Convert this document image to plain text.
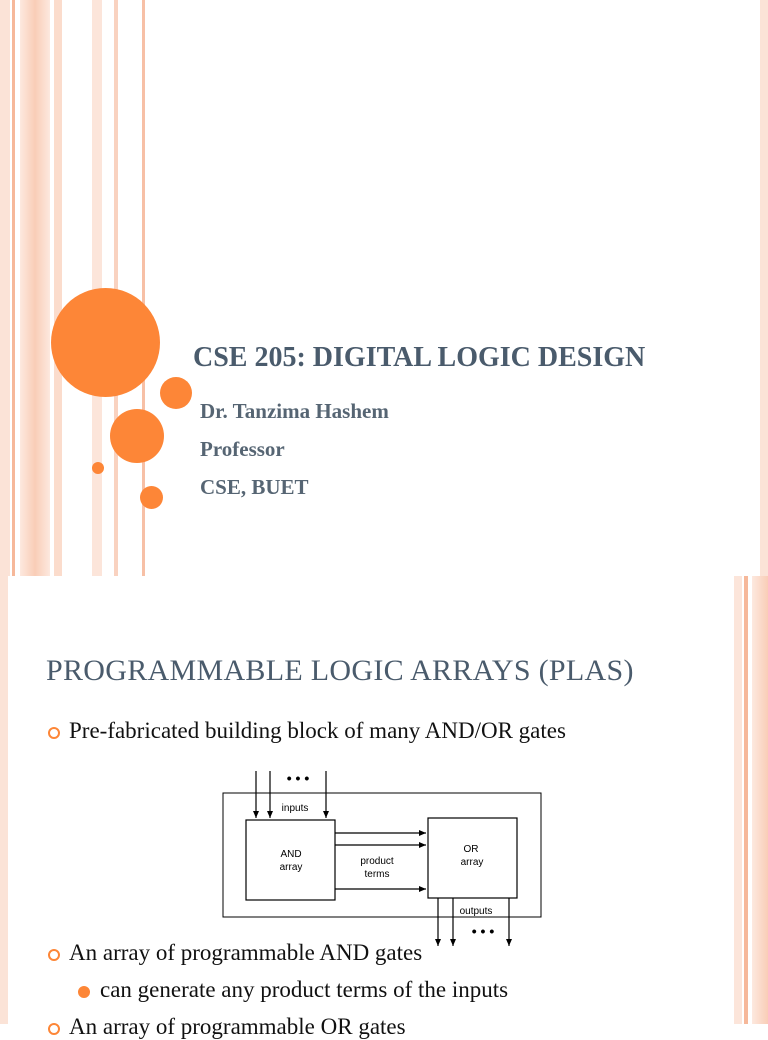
CSE 205: DIGITAL LOGIC DESIGN
Dr. Tanzima Hashem
Professor
CSE, BUET
PROGRAMMABLE LOGIC ARRAYS (PLAS)
Pre-fabricated building block of many AND/OR gates
• • •
inputs
AND
array
product
terms
OR
array
outputs
• • •
An array of programmable AND gates
can generate any product terms of the inputs
An array of programmable OR gates
